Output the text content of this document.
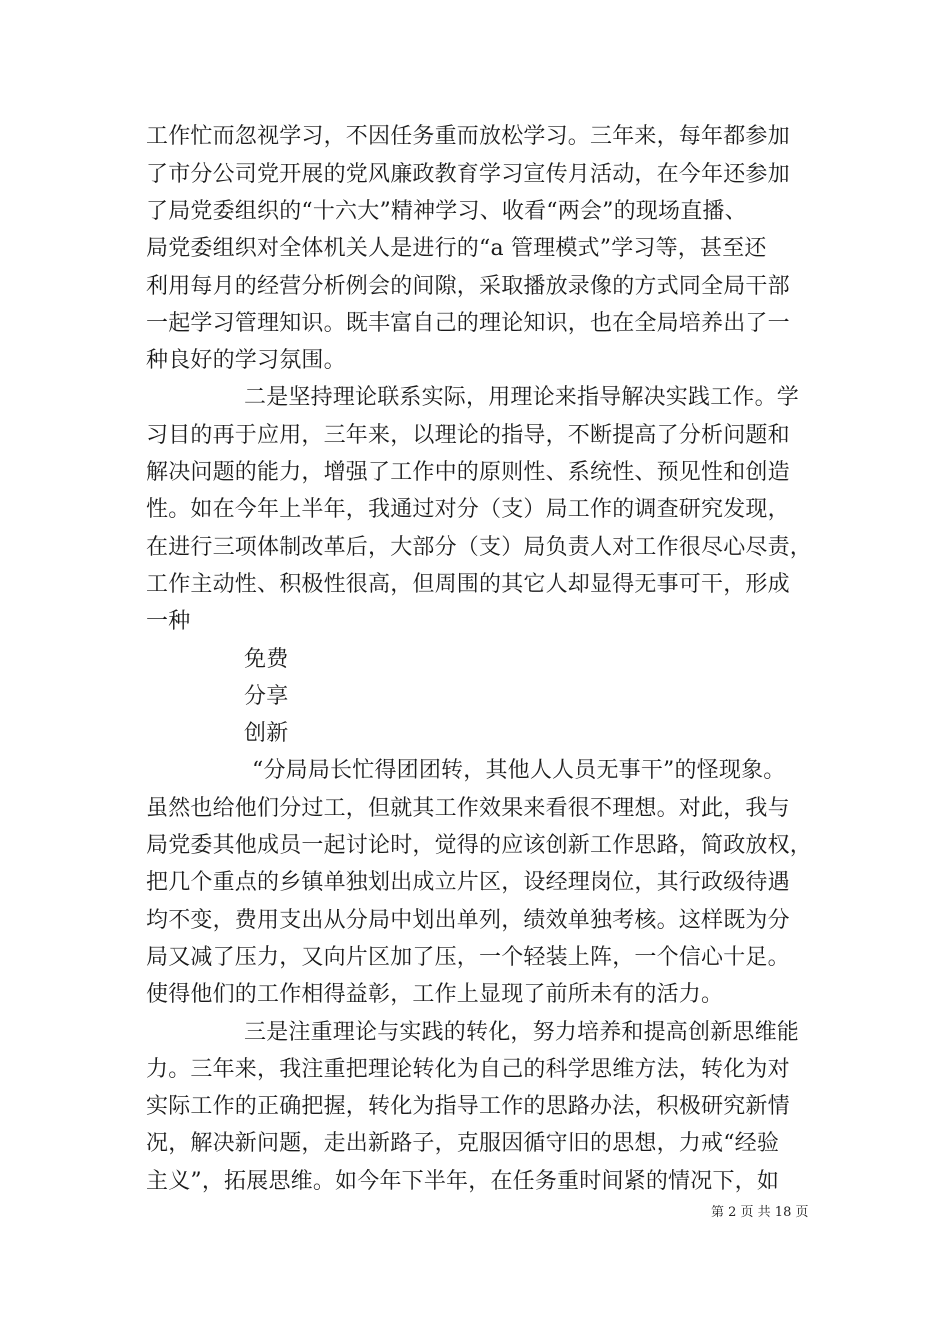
工作忙而忽视学习，不因任务重而放松学习。三年来，每年都参加
了市分公司党开展的党风廉政教育学习宣传月活动，在今年还参加
了局党委组织的“十六大”精神学习、收看“两会”的现场直播、
局党委组织对全体机关人是进行的“a 管理模式”学习等，甚至还
利用每月的经营分析例会的间隙，采取播放录像的方式同全局干部
一起学习管理知识。既丰富自己的理论知识，也在全局培养出了一
种良好的学习氛围。
二是坚持理论联系实际，用理论来指导解决实践工作。学
习目的再于应用，三年来，以理论的指导，不断提高了分析问题和
解决问题的能力，增强了工作中的原则性、系统性、预见性和创造
性。如在今年上半年，我通过对分（支）局工作的调查研究发现，
在进行三项体制改革后，大部分（支）局负责人对工作很尽心尽责，
工作主动性、积极性很高，但周围的其它人却显得无事可干，形成
一种
免费
分享
创新
“分局局长忙得团团转，其他人人员无事干”的怪现象。
虽然也给他们分过工，但就其工作效果来看很不理想。对此，我与
局党委其他成员一起讨论时，觉得的应该创新工作思路，简政放权，
把几个重点的乡镇单独划出成立片区，设经理岗位，其行政级待遇
均不变，费用支出从分局中划出单列，绩效单独考核。这样既为分
局又减了压力，又向片区加了压，一个轻装上阵，一个信心十足。
使得他们的工作相得益彰，工作上显现了前所未有的活力。
三是注重理论与实践的转化，努力培养和提高创新思维能
力。三年来，我注重把理论转化为自己的科学思维方法，转化为对
实际工作的正确把握，转化为指导工作的思路办法，积极研究新情
况，解决新问题，走出新路子，克服因循守旧的思想，力戒“经验
主义”，拓展思维。如今年下半年，在任务重时间紧的情况下，如
第 2 页 共 18 页
